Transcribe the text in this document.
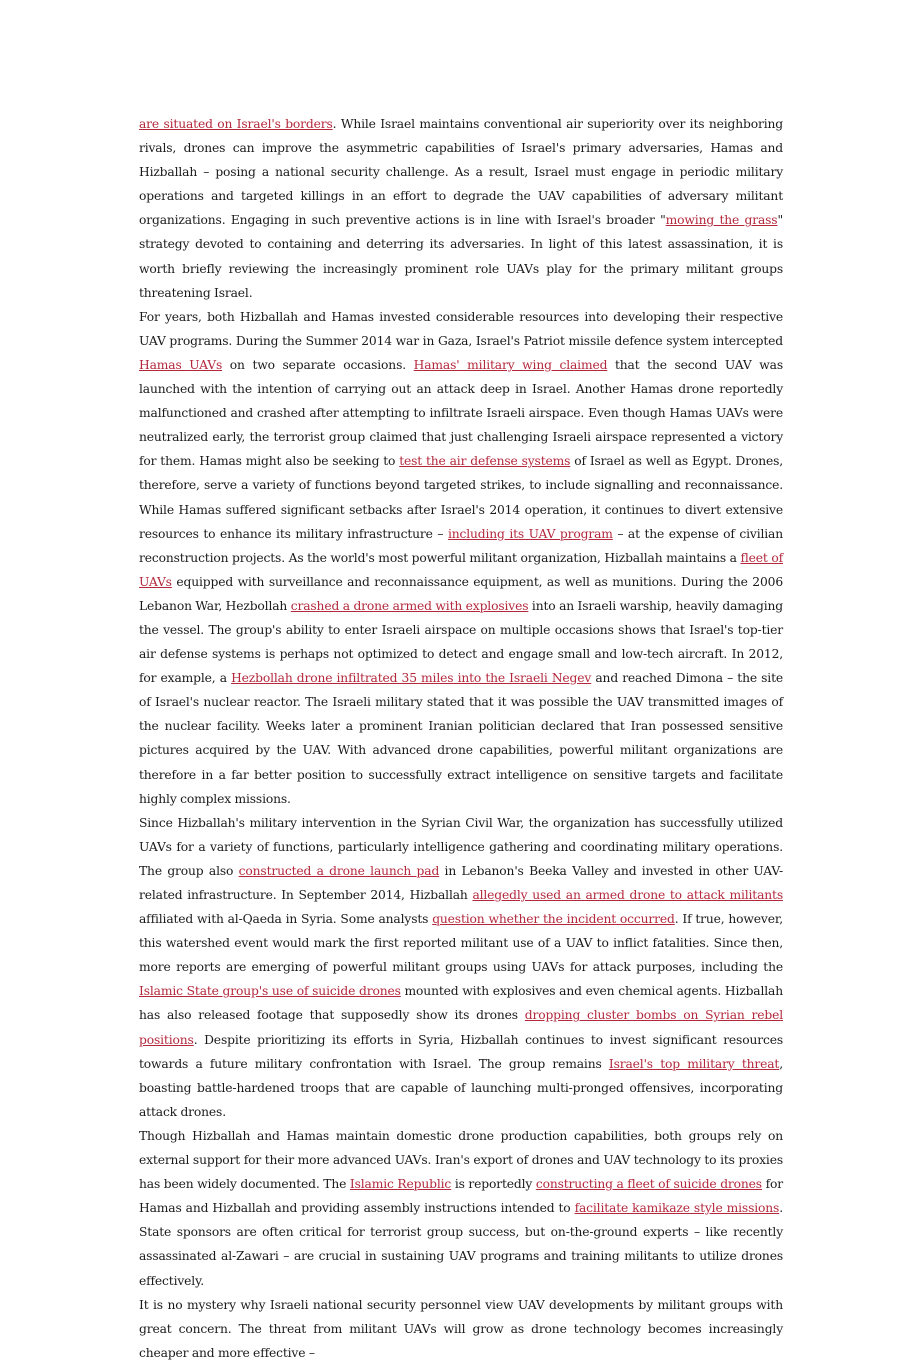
are situated on Israel's borders. While Israel maintains conventional air superiority over its neighboring rivals, drones can improve the asymmetric capabilities of Israel's primary adversaries, Hamas and Hizballah – posing a national security challenge. As a result, Israel must engage in periodic military operations and targeted killings in an effort to degrade the UAV capabilities of adversary militant organizations. Engaging in such preventive actions is in line with Israel's broader "mowing the grass" strategy devoted to containing and deterring its adversaries. In light of this latest assassination, it is worth briefly reviewing the increasingly prominent role UAVs play for the primary militant groups threatening Israel.

For years, both Hizballah and Hamas invested considerable resources into developing their respective UAV programs. During the Summer 2014 war in Gaza, Israel's Patriot missile defence system intercepted Hamas UAVs on two separate occasions. Hamas' military wing claimed that the second UAV was launched with the intention of carrying out an attack deep in Israel. Another Hamas drone reportedly malfunctioned and crashed after attempting to infiltrate Israeli airspace. Even though Hamas UAVs were neutralized early, the terrorist group claimed that just challenging Israeli airspace represented a victory for them. Hamas might also be seeking to test the air defense systems of Israel as well as Egypt. Drones, therefore, serve a variety of functions beyond targeted strikes, to include signalling and reconnaissance. While Hamas suffered significant setbacks after Israel's 2014 operation, it continues to divert extensive resources to enhance its military infrastructure – including its UAV program – at the expense of civilian reconstruction projects. As the world's most powerful militant organization, Hizballah maintains a fleet of UAVs equipped with surveillance and reconnaissance equipment, as well as munitions. During the 2006 Lebanon War, Hezbollah crashed a drone armed with explosives into an Israeli warship, heavily damaging the vessel. The group's ability to enter Israeli airspace on multiple occasions shows that Israel's top-tier air defense systems is perhaps not optimized to detect and engage small and low-tech aircraft. In 2012, for example, a Hezbollah drone infiltrated 35 miles into the Israeli Negev and reached Dimona – the site of Israel's nuclear reactor. The Israeli military stated that it was possible the UAV transmitted images of the nuclear facility. Weeks later a prominent Iranian politician declared that Iran possessed sensitive pictures acquired by the UAV. With advanced drone capabilities, powerful militant organizations are therefore in a far better position to successfully extract intelligence on sensitive targets and facilitate highly complex missions.

Since Hizballah's military intervention in the Syrian Civil War, the organization has successfully utilized UAVs for a variety of functions, particularly intelligence gathering and coordinating military operations. The group also constructed a drone launch pad in Lebanon's Beeka Valley and invested in other UAV-related infrastructure. In September 2014, Hizballah allegedly used an armed drone to attack militants affiliated with al-Qaeda in Syria. Some analysts question whether the incident occurred. If true, however, this watershed event would mark the first reported militant use of a UAV to inflict fatalities. Since then, more reports are emerging of powerful militant groups using UAVs for attack purposes, including the Islamic State group's use of suicide drones mounted with explosives and even chemical agents. Hizballah has also released footage that supposedly show its drones dropping cluster bombs on Syrian rebel positions. Despite prioritizing its efforts in Syria, Hizballah continues to invest significant resources towards a future military confrontation with Israel. The group remains Israel's top military threat, boasting battle-hardened troops that are capable of launching multi-pronged offensives, incorporating attack drones.

Though Hizballah and Hamas maintain domestic drone production capabilities, both groups rely on external support for their more advanced UAVs. Iran's export of drones and UAV technology to its proxies has been widely documented. The Islamic Republic is reportedly constructing a fleet of suicide drones for Hamas and Hizballah and providing assembly instructions intended to facilitate kamikaze style missions. State sponsors are often critical for terrorist group success, but on-the-ground experts – like recently assassinated al-Zawari – are crucial in sustaining UAV programs and training militants to utilize drones effectively.

It is no mystery why Israeli national security personnel view UAV developments by militant groups with great concern. The threat from militant UAVs will grow as drone technology becomes increasingly cheaper and more effective –
